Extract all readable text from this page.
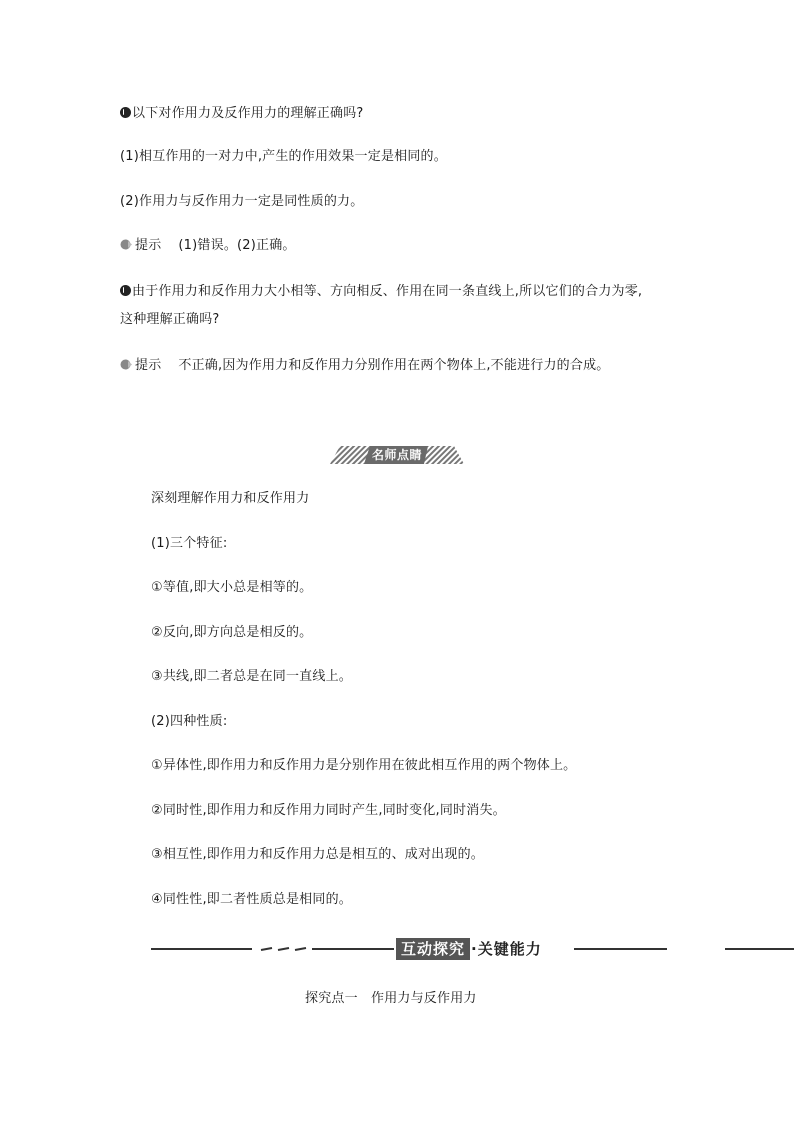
以下对作用力及反作用力的理解正确吗?
(1)相互作用的一对力中,产生的作用效果一定是相同的。
(2)作用力与反作用力一定是同性质的力。
提示 (1)错误。(2)正确。
由于作用力和反作用力大小相等、方向相反、作用在同一条直线上,所以它们的合力为零,
这种理解正确吗?
提示 不正确,因为作用力和反作用力分别作用在两个物体上,不能进行力的合成。
名师点睛
深刻理解作用力和反作用力
(1)三个特征:
①等值,即大小总是相等的。
②反向,即方向总是相反的。
③共线,即二者总是在同一直线上。
(2)四种性质:
①异体性,即作用力和反作用力是分别作用在彼此相互作用的两个物体上。
②同时性,即作用力和反作用力同时产生,同时变化,同时消失。
③相互性,即作用力和反作用力总是相互的、成对出现的。
④同性性,即二者性质总是相同的。
互动探究 ·关键能力
探究点一　作用力与反作用力
